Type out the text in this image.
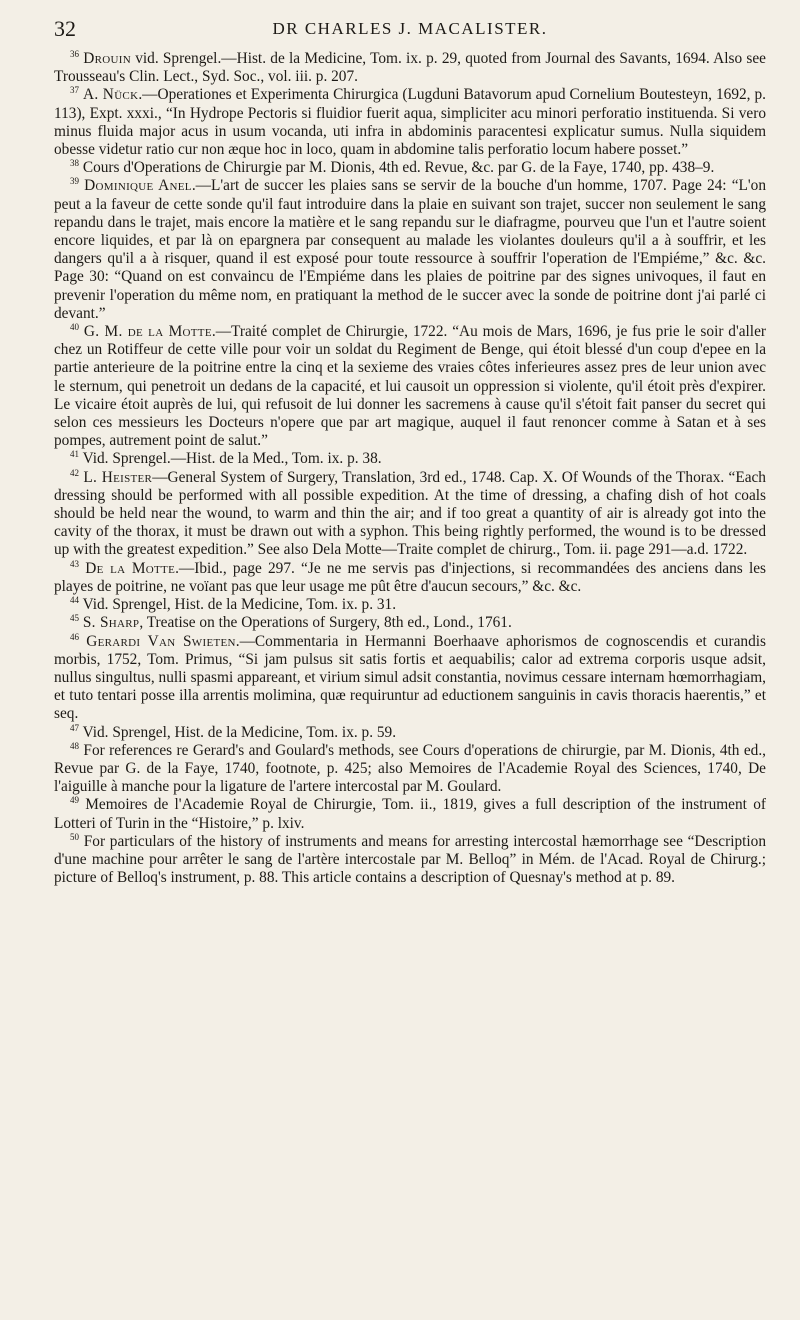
32	DR CHARLES J. MACALISTER.

$^{36}$ Drouin vid. Sprengel.—Hist. de la Medicine, Tom. ix. p. 29, quoted from Journal des Savants, 1694. Also see Trousseau's Clin. Lect., Syd. Soc., vol. iii. p. 207.

$^{37}$ A. Nück.—Operationes et Experimenta Chirurgica (Lugduni Batavorum apud Cornelium Boutesteyn, 1692, p. 113), Expt. xxxi., “In Hydrope Pectoris si fluidior fuerit aqua, simpliciter acu minori perforatio instituenda. Si vero minus fluida major acus in usum vocanda, uti infra in abdominis paracentesi explicatur sumus. Nulla siquidem obesse videtur ratio cur non æque hoc in loco, quam in abdomine talis perforatio locum habere posset.”

$^{38}$ Cours d'Operations de Chirurgie par M. Dionis, 4th ed. Revue, &c. par G. de la Faye, 1740, pp. 438–9.

$^{39}$ Dominique Anel.—L'art de succer les plaies sans se servir de la bouche d'un homme, 1707. Page 24: “L'on peut a la faveur de cette sonde qu'il faut introduire dans la plaie en suivant son trajet, succer non seulement le sang repandu dans le trajet, mais encore la matière et le sang repandu sur le diafragme, pourveu que l'un et l'autre soient encore liquides, et par là on epargnera par consequent au malade les violantes douleurs qu'il a à souffrir, et les dangers qu'il a à risquer, quand il est exposé pour toute ressource à souffrir l'operation de l'Empiéme,” &c. &c. Page 30: “Quand on est convaincu de l'Empiéme dans les plaies de poitrine par des signes univoques, il faut en prevenir l'operation du même nom, en pratiquant la method de le succer avec la sonde de poitrine dont j'ai parlé ci devant.”

$^{40}$ G. M. de la Motte.—Traité complet de Chirurgie, 1722. “Au mois de Mars, 1696, je fus prie le soir d'aller chez un Rotiffeur de cette ville pour voir un soldat du Regiment de Benge, qui étoit blessé d'un coup d'epee en la partie anterieure de la poitrine entre la cinq et la sexieme des vraies côtes inferieures assez pres de leur union avec le sternum, qui penetroit un dedans de la capacité, et lui causoit un oppression si violente, qu'il étoit près d'expirer. Le vicaire étoit auprès de lui, qui refusoit de lui donner les sacremens à cause qu'il s'étoit fait panser du secret qui selon ces messieurs les Docteurs n'opere que par art magique, auquel il faut renoncer comme à Satan et à ses pompes, autrement point de salut.”

$^{41}$ Vid. Sprengel.—Hist. de la Med., Tom. ix. p. 38.

$^{42}$ L. Heister—General System of Surgery, Translation, 3rd ed., 1748. Cap. X. Of Wounds of the Thorax. “Each dressing should be performed with all possible expedition. At the time of dressing, a chafing dish of hot coals should be held near the wound, to warm and thin the air; and if too great a quantity of air is already got into the cavity of the thorax, it must be drawn out with a syphon. This being rightly performed, the wound is to be dressed up with the greatest expedition.” See also Dela Motte—Traite complet de chirurg., Tom. ii. page 291—a.d. 1722.

$^{43}$ De la Motte.—Ibid., page 297. “Je ne me servis pas d'injections, si recommandées des anciens dans les playes de poitrine, ne voïant pas que leur usage me pût être d'aucun secours,” &c. &c.

$^{44}$ Vid. Sprengel, Hist. de la Medicine, Tom. ix. p. 31.

$^{45}$ S. Sharp, Treatise on the Operations of Surgery, 8th ed., Lond., 1761.

$^{46}$ Gerardi Van Swieten.—Commentaria in Hermanni Boerhaave aphorismos de cognoscendis et curandis morbis, 1752, Tom. Primus, “Si jam pulsus sit satis fortis et aequabilis; calor ad extrema corporis usque adsit, nullus singultus, nulli spasmi appareant, et virium simul adsit constantia, novimus cessare internam hœmorrhagiam, et tuto tentari posse illa arrentis molimina, quæ requiruntur ad eductionem sanguinis in cavis thoracis haerentis,” et seq.

$^{47}$ Vid. Sprengel, Hist. de la Medicine, Tom. ix. p. 59.

$^{48}$ For references re Gerard's and Goulard's methods, see Cours d'operations de chirurgie, par M. Dionis, 4th ed., Revue par G. de la Faye, 1740, footnote, p. 425; also Memoires de l'Academie Royal des Sciences, 1740, De l'aiguille à manche pour la ligature de l'artere intercostal par M. Goulard.

$^{49}$ Memoires de l'Academie Royal de Chirurgie, Tom. ii., 1819, gives a full description of the instrument of Lotteri of Turin in the “Histoire,” p. lxiv.

$^{50}$ For particulars of the history of instruments and means for arresting intercostal hæmorrhage see “Description d'une machine pour arrêter le sang de l'artère intercostale par M. Belloq” in Mém. de l'Acad. Royal de Chirurg.; picture of Belloq's instrument, p. 88. This article contains a description of Quesnay's method at p. 89.
